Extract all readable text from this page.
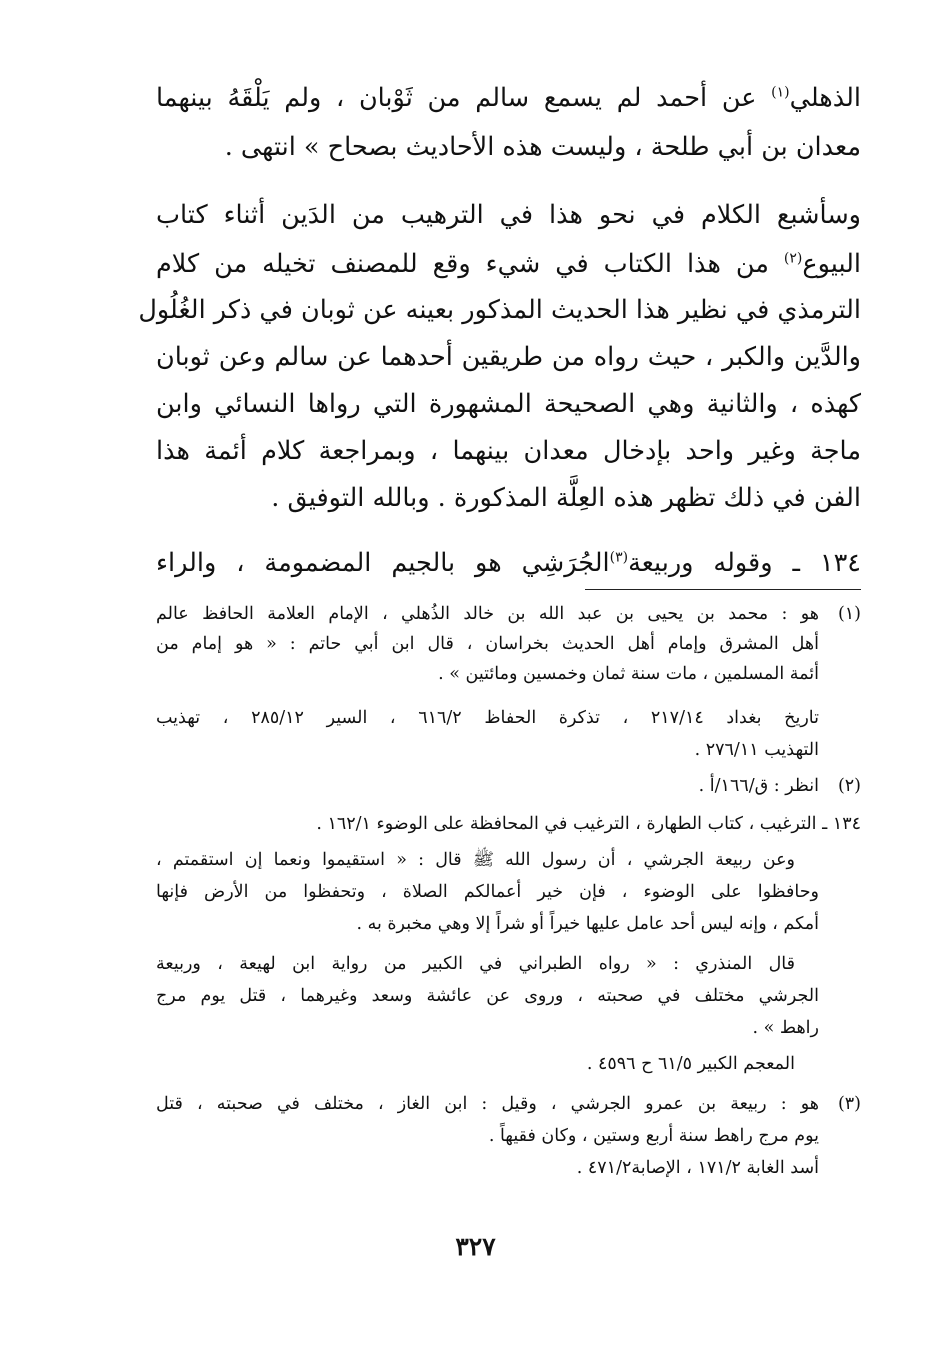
الذهلي$^{(١)}$ عن أحمد لم يسمع سالم من ثَوْبان ، ولم يَلْقَهُ بينهما
معدان بن أبي طلحة ، وليست هذه الأحاديث بصحاح » انتهى .
وسأشبع الكلام في نحو هذا في الترهيب من الدَين أثناء كتاب
البيوع$^{(٢)}$ من هذا الكتاب في شيء وقع للمصنف تخيله من كلام
الترمذي في نظير هذا الحديث المذكور بعينه عن ثوبان في ذكر الغُلُول
والدَّين والكبر ، حيث رواه من طريقين أحدهما عن سالم وعن ثوبان
كهذه ، والثانية وهي الصحيحة المشهورة التي رواها النسائي وابن
ماجة وغير واحد بإدخال معدان بينهما ، وبمراجعة كلام أئمة هذا
الفن في ذلك تظهر هذه العِلَّة المذكورة . وبالله التوفيق .
١٣٤ ـ وقوله وربيعة$^{(٣)}$الجُرَشِي هو بالجيم المضمومة ، والراء
(١)
هو : محمد بن يحيى بن عبد الله بن خالد الذُهلي ، الإمام العلامة الحافظ عالم
أهل المشرق وإمام أهل الحديث بخراسان ، قال ابن أبي حاتم : « هو إمام من
أئمة المسلمين ، مات سنة ثمان وخمسين ومائتين » .
تاريخ بغداد ٢١٧/١٤ ، تذكرة الحفاظ ٦١٦/٢ ، السير ٢٨٥/١٢ ، تهذيب
التهذيب ٢٧٦/١١ .
(٢)
انظر : ق/١٦٦/أ .
١٣٤ ـ الترغيب ، كتاب الطهارة ، الترغيب في المحافظة على الوضوء ١٦٢/١ .
وعن ربيعة الجرشي ، أن رسول الله ﷺ قال : « استقيموا ونعما إن استقمتم ،
وحافظوا على الوضوء ، فإن خير أعمالكم الصلاة ، وتحفظوا من الأرض فإنها
أمكم ، وإنه ليس أحد عامل عليها خيراً أو شراً إلا وهي مخبرة به .
قال المنذري : « رواه الطبراني في الكبير من رواية ابن لهيعة ، وربيعة
الجرشي مختلف في صحبته ، وروى عن عائشة وسعد وغيرهما ، قتل يوم مرج
راهط » .
المعجم الكبير ٦١/٥ ح ٤٥٩٦ .
(٣)
هو : ربيعة بن عمرو الجرشي ، وقيل : ابن الغاز ، مختلف في صحبته ، قتل
يوم مرج راهط سنة أربع وستين ، وكان فقيهاً .
أسد الغابة ١٧١/٢ ، الإصابة٤٧١/٢ .
٣٢٧
